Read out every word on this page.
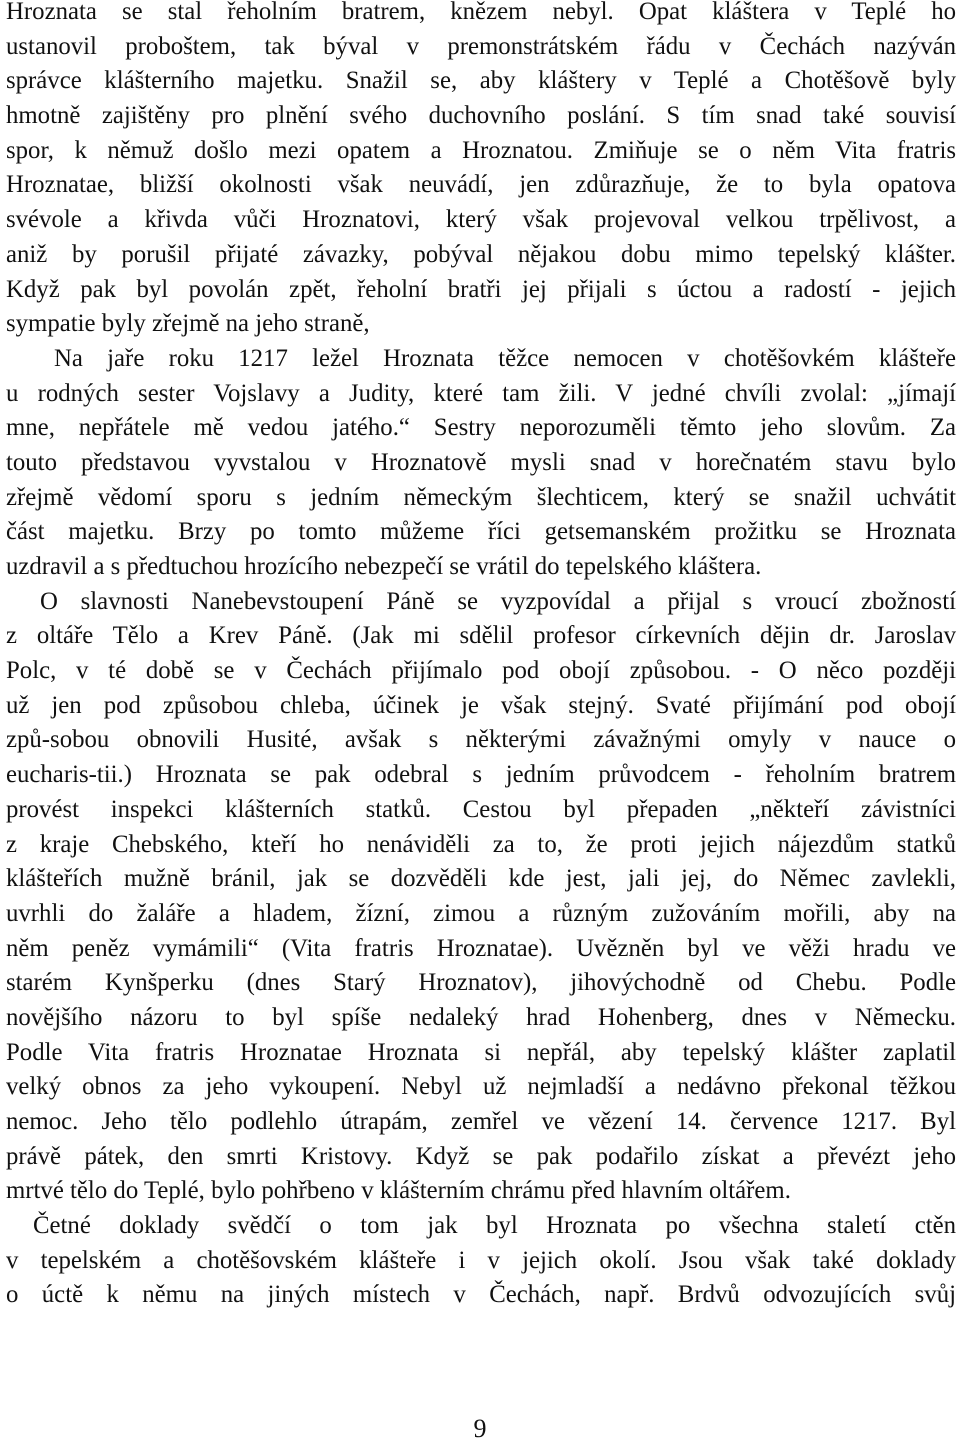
Hroznata se stal řeholním bratrem, knězem nebyl. Opat kláštera v Teplé ho
ustanovil proboštem, tak býval v premonstrátském řádu v Čechách nazýván
správce klášterního majetku. Snažil se, aby kláštery v Teplé a Chotěšově byly
hmotně zajištěny pro plnění svého duchovního poslání. S tím snad také souvisí
spor, k němuž došlo mezi opatem a Hroznatou. Zmiňuje se o něm Vita fratris
Hroznatae, bližší okolnosti však neuvádí, jen zdůrazňuje, že to byla opatova
svévole a křivda vůči Hroznatovi, který však projevoval velkou trpělivost, a
aniž by porušil přijaté závazky, pobýval nějakou dobu mimo tepelský klášter.
Když pak byl povolán zpět, řeholní bratři jej přijali s úctou a radostí - jejich
sympatie byly zřejmě na jeho straně,
Na jaře roku 1217 ležel Hroznata těžce nemocen v chotěšovkém klášteře
u rodných sester Vojslavy a Judity, které tam žili. V jedné chvíli zvolal: „jímají
mne, nepřátele mě vedou jatého.“ Sestry neporozuměli těmto jeho slovům. Za
touto představou vyvstalou v Hroznatově mysli snad v horečnatém stavu bylo
zřejmě vědomí sporu s jedním německým šlechticem, který se snažil uchvátit
část majetku. Brzy po tomto můžeme říci getsemanském prožitku se Hroznata
uzdravil a s předtuchou hrozícího nebezpečí se vrátil do tepelského kláštera.
O slavnosti Nanebevstoupení Páně se vyzpovídal a přijal s vroucí zbožností
z oltáře Tělo a Krev Páně. (Jak mi sdělil profesor církevních dějin dr. Jaroslav
Polc, v té době se v Čechách přijímalo pod obojí způsobou. - O něco později
už jen pod způsobou chleba, účinek je však stejný. Svaté přijímání pod obojí
způ-sobou obnovili Husité, avšak s některými závažnými omyly v nauce o
eucharis-tii.) Hroznata se pak odebral s jedním průvodcem - řeholním bratrem
provést inspekci klášterních statků. Cestou byl přepaden „někteří závistníci
z kraje Chebského, kteří ho nenáviděli za to, že proti jejich nájezdům statků
klášteřích mužně bránil, jak se dozvěděli kde jest, jali jej, do Němec zavlekli,
uvrhli do žaláře a hladem, žízní, zimou a různým zužováním mořili, aby na
něm peněz vymámili“ (Vita fratris Hroznatae). Uvězněn byl ve věži hradu ve
starém Kynšperku (dnes Starý Hroznatov), jihovýchodně od Chebu. Podle
novějšího názoru to byl spíše nedaleký hrad Hohenberg, dnes v Německu.
Podle Vita fratris Hroznatae Hroznata si nepřál, aby tepelský klášter zaplatil
velký obnos za jeho vykoupení. Nebyl už nejmladší a nedávno překonal těžkou
nemoc. Jeho tělo podlehlo útrapám, zemřel ve vězení 14. července 1217. Byl
právě pátek, den smrti Kristovy. Když se pak podařilo získat a převézt jeho
mrtvé tělo do Teplé, bylo pohřbeno v klášterním chrámu před hlavním oltářem.
Četné doklady svědčí o tom jak byl Hroznata po všechna staletí ctěn
v tepelském a chotěšovském klášteře i v jejich okolí. Jsou však také doklady
o úctě k němu na jiných místech v Čechách, např. Brdvů odvozujících svůj
9
